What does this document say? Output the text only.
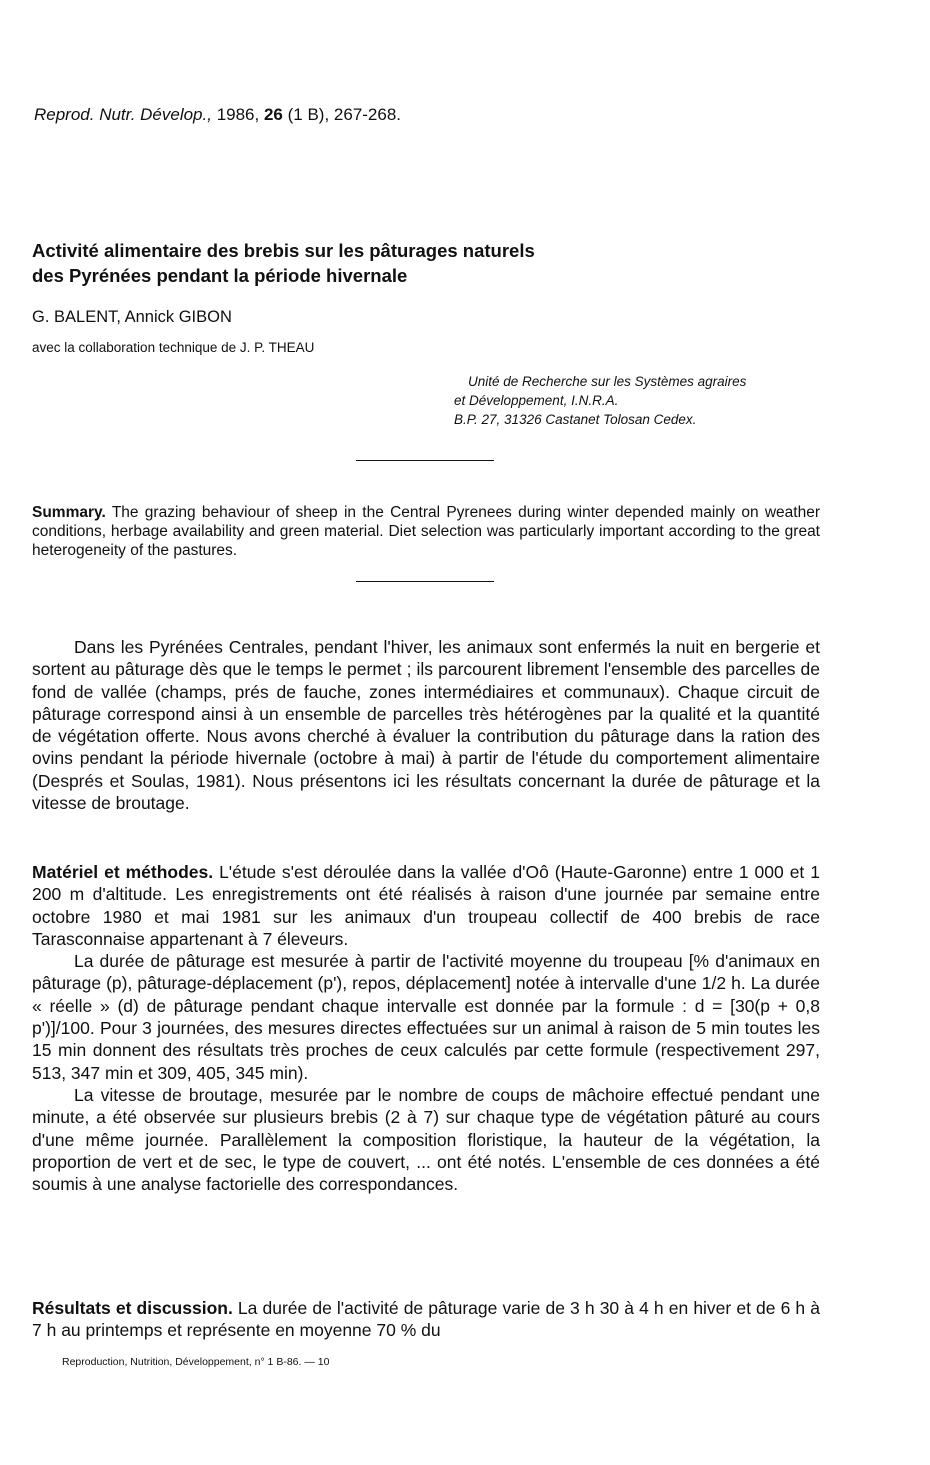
Reprod. Nutr. Dévelop., 1986, 26 (1 B), 267-268.
Activité alimentaire des brebis sur les pâturages naturels
des Pyrénées pendant la période hivernale
G. BALENT, Annick GIBON
avec la collaboration technique de J. P. THEAU
Unité de Recherche sur les Systèmes agraires
et Développement, I.N.R.A.
B.P. 27, 31326 Castanet Tolosan Cedex.
Summary. The grazing behaviour of sheep in the Central Pyrenees during winter depended mainly on weather conditions, herbage availability and green material. Diet selection was particularly important according to the great heterogeneity of the pastures.

Dans les Pyrénées Centrales, pendant l'hiver, les animaux sont enfermés la nuit en bergerie et sortent au pâturage dès que le temps le permet ; ils parcourent librement l'ensemble des parcelles de fond de vallée (champs, prés de fauche, zones intermédiaires et communaux). Chaque circuit de pâturage correspond ainsi à un ensemble de parcelles très hétérogènes par la qualité et la quantité de végétation offerte. Nous avons cherché à évaluer la contribution du pâturage dans la ration des ovins pendant la période hivernale (octobre à mai) à partir de l'étude du comportement alimentaire (Després et Soulas, 1981). Nous présentons ici les résultats concernant la durée de pâturage et la vitesse de broutage.

Matériel et méthodes. L'étude s'est déroulée dans la vallée d'Oô (Haute-Garonne) entre 1 000 et 1 200 m d'altitude. Les enregistrements ont été réalisés à raison d'une journée par semaine entre octobre 1980 et mai 1981 sur les animaux d'un troupeau collectif de 400 brebis de race Tarasconnaise appartenant à 7 éleveurs.

La durée de pâturage est mesurée à partir de l'activité moyenne du troupeau [% d'animaux en pâturage (p), pâturage-déplacement (p'), repos, déplacement] notée à intervalle d'une 1/2 h. La durée « réelle » (d) de pâturage pendant chaque intervalle est donnée par la formule : d = [30(p + 0,8 p')]/100. Pour 3 journées, des mesures directes effectuées sur un animal à raison de 5 min toutes les 15 min donnent des résultats très proches de ceux calculés par cette formule (respectivement 297, 513, 347 min et 309, 405, 345 min).

La vitesse de broutage, mesurée par le nombre de coups de mâchoire effectué pendant une minute, a été observée sur plusieurs brebis (2 à 7) sur chaque type de végétation pâturé au cours d'une même journée. Parallèlement la composition floristique, la hauteur de la végétation, la proportion de vert et de sec, le type de couvert, ... ont été notés. L'ensemble de ces données a été soumis à une analyse factorielle des correspondances.

Résultats et discussion. La durée de l'activité de pâturage varie de 3 h 30 à 4 h en hiver et de 6 h à 7 h au printemps et représente en moyenne 70 % du

Reproduction, Nutrition, Développement, n° 1 B-86. — 10
